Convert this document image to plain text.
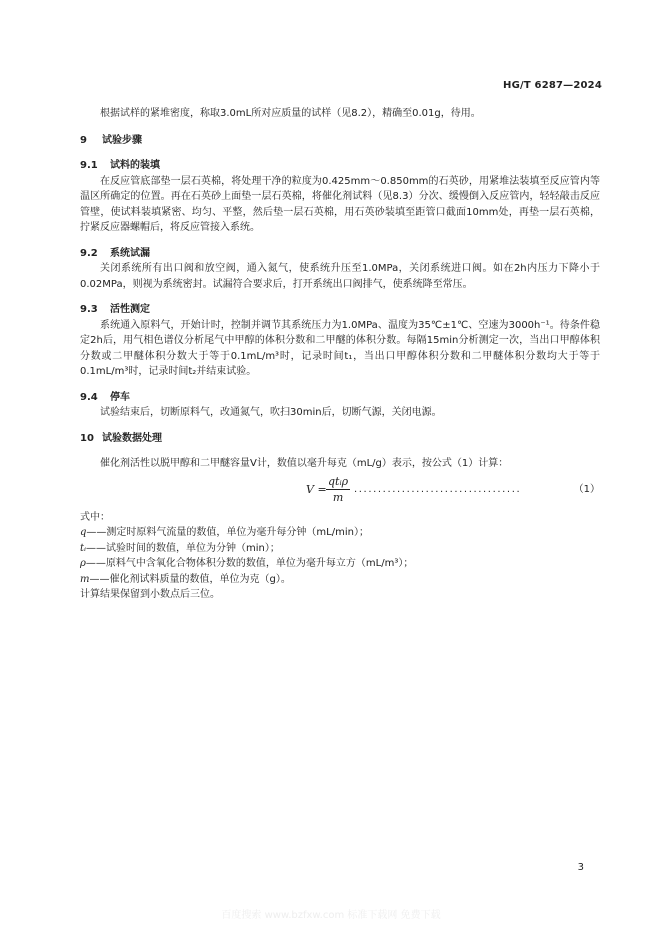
HG/T 6287—2024

根据试样的紧堆密度，称取3.0mL所对应质量的试样（见8.2），精确至0.01g，待用。

9 试验步骤

9.1 试料的装填

在反应管底部垫一层石英棉，将处理干净的粒度为0.425mm～0.850mm的石英砂，用紧堆法装填至反应管内等温区所确定的位置。再在石英砂上面垫一层石英棉，将催化剂试料（见8.3）分次、缓慢倒入反应管内，轻轻敲击反应管壁，使试料装填紧密、均匀、平整，然后垫一层石英棉，用石英砂装填至距管口截面10mm处，再垫一层石英棉，拧紧反应器螺帽后，将反应管接入系统。

9.2 系统试漏

关闭系统所有出口阀和放空阀，通入氮气，使系统升压至1.0MPa，关闭系统进口阀。如在2h内压力下降小于0.02MPa，则视为系统密封。试漏符合要求后，打开系统出口阀排气，使系统降至常压。

9.3 活性测定

系统通入原料气，开始计时，控制并调节其系统压力为1.0MPa、温度为35℃±1℃、空速为3000h⁻¹。待条件稳定2h后，用气相色谱仪分析尾气中甲醇的体积分数和二甲醚的体积分数。每隔15min分析测定一次，当出口甲醇体积分数或二甲醚体积分数大于等于0.1mL/m³时，记录时间t₁，当出口甲醇体积分数和二甲醚体积分数均大于等于0.1mL/m³时，记录时间t₂并结束试验。

9.4 停车

试验结束后，切断原料气，改通氮气，吹扫30min后，切断气源，关闭电源。

10 试验数据处理

催化剂活性以脱甲醇和二甲醚容量V计，数值以毫升每克（mL/g）表示，按公式（1）计算：

V =
qtᵢρ
m
...................................	（1）

式中：

q——测定时原料气流量的数值，单位为毫升每分钟（mL/min）；

tᵢ——试验时间的数值，单位为分钟（min）；

ρ——原料气中含氧化合物体积分数的数值，单位为毫升每立方（mL/m³）；

m——催化剂试料质量的数值，单位为克（g）。

计算结果保留到小数点后三位。

3
百度搜索 www.bzfxw.com 标准下载网 免费下载
